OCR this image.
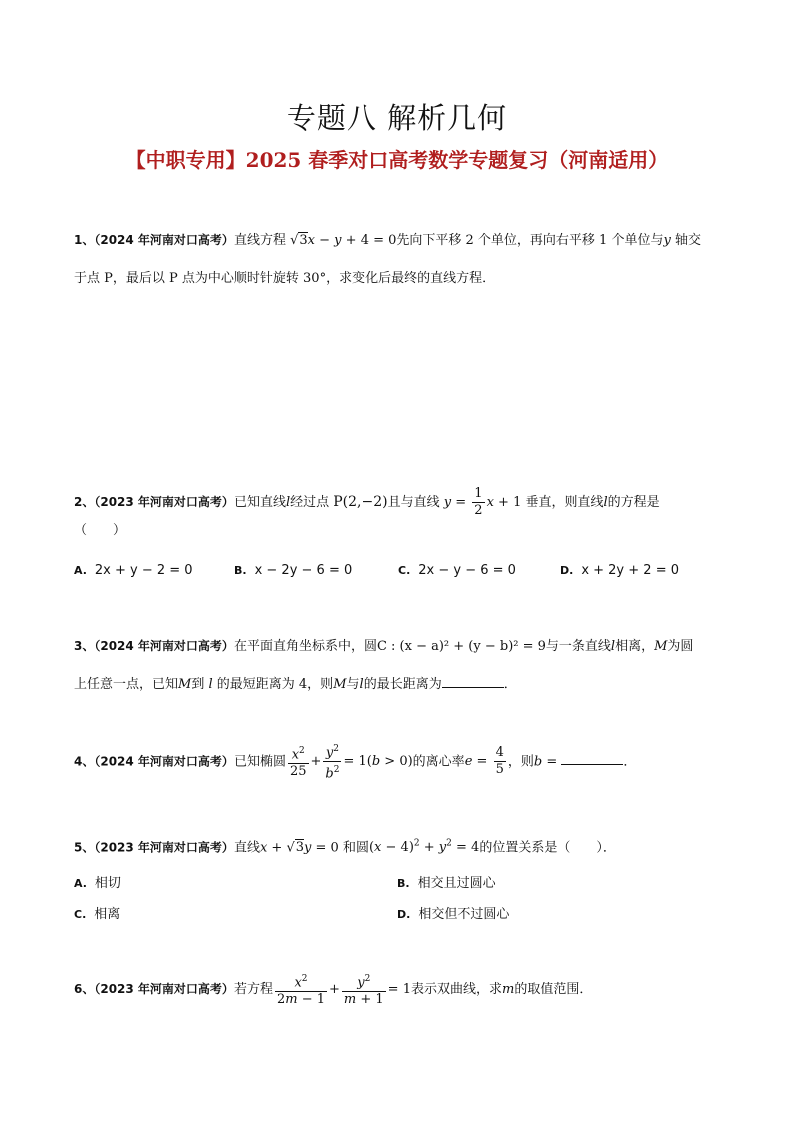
专题八 解析几何
【中职专用】2025 春季对口高考数学专题复习（河南适用）
1、（2024 年河南对口高考）直线方程 √3x − y + 4 = 0先向下平移 2 个单位，再向右平移 1 个单位与y 轴交
于点 P，最后以 P 点为中心顺时针旋转 30°，求变化后最终的直线方程．
2、（2023 年河南对口高考）已知直线l经过点 P(2,−2)且与直线 $y = \frac{1}{2}$ x + 1 垂直，则直线l的方程是
（　　）
A. 2x + y − 2 = 0	B. x − 2y − 6 = 0	C. 2x − y − 6 = 0	D. x + 2y + 2 = 0
3、（2024 年河南对口高考）在平面直角坐标系中，圆C : (x − a)² + (y − b)² = 9与一条直线l相离，M为圆
上任意一点，已知M到 l 的最短距离为 4，则M与l的最长距离为	．
4、（2024 年河南对口高考）已知椭圆 $\frac{x^2}{25} + \frac{y^2}{b^2} = 1(b > 0)$的离心率$e = \frac{4}{5}$ ，则b =	．
5、（2023 年河南对口高考）直线x + √3y = 0 和圆$(x - 4)^2 + y^2 = 4$的位置关系是（　　）．
A. 相切	B. 相交且过圆心
C. 相离	D. 相交但不过圆心
6、（2023 年河南对口高考）若方程 $\frac{x^2}{2m - 1} + \frac{y^2}{m + 1} = 1$表示双曲线，求m的取值范围．
